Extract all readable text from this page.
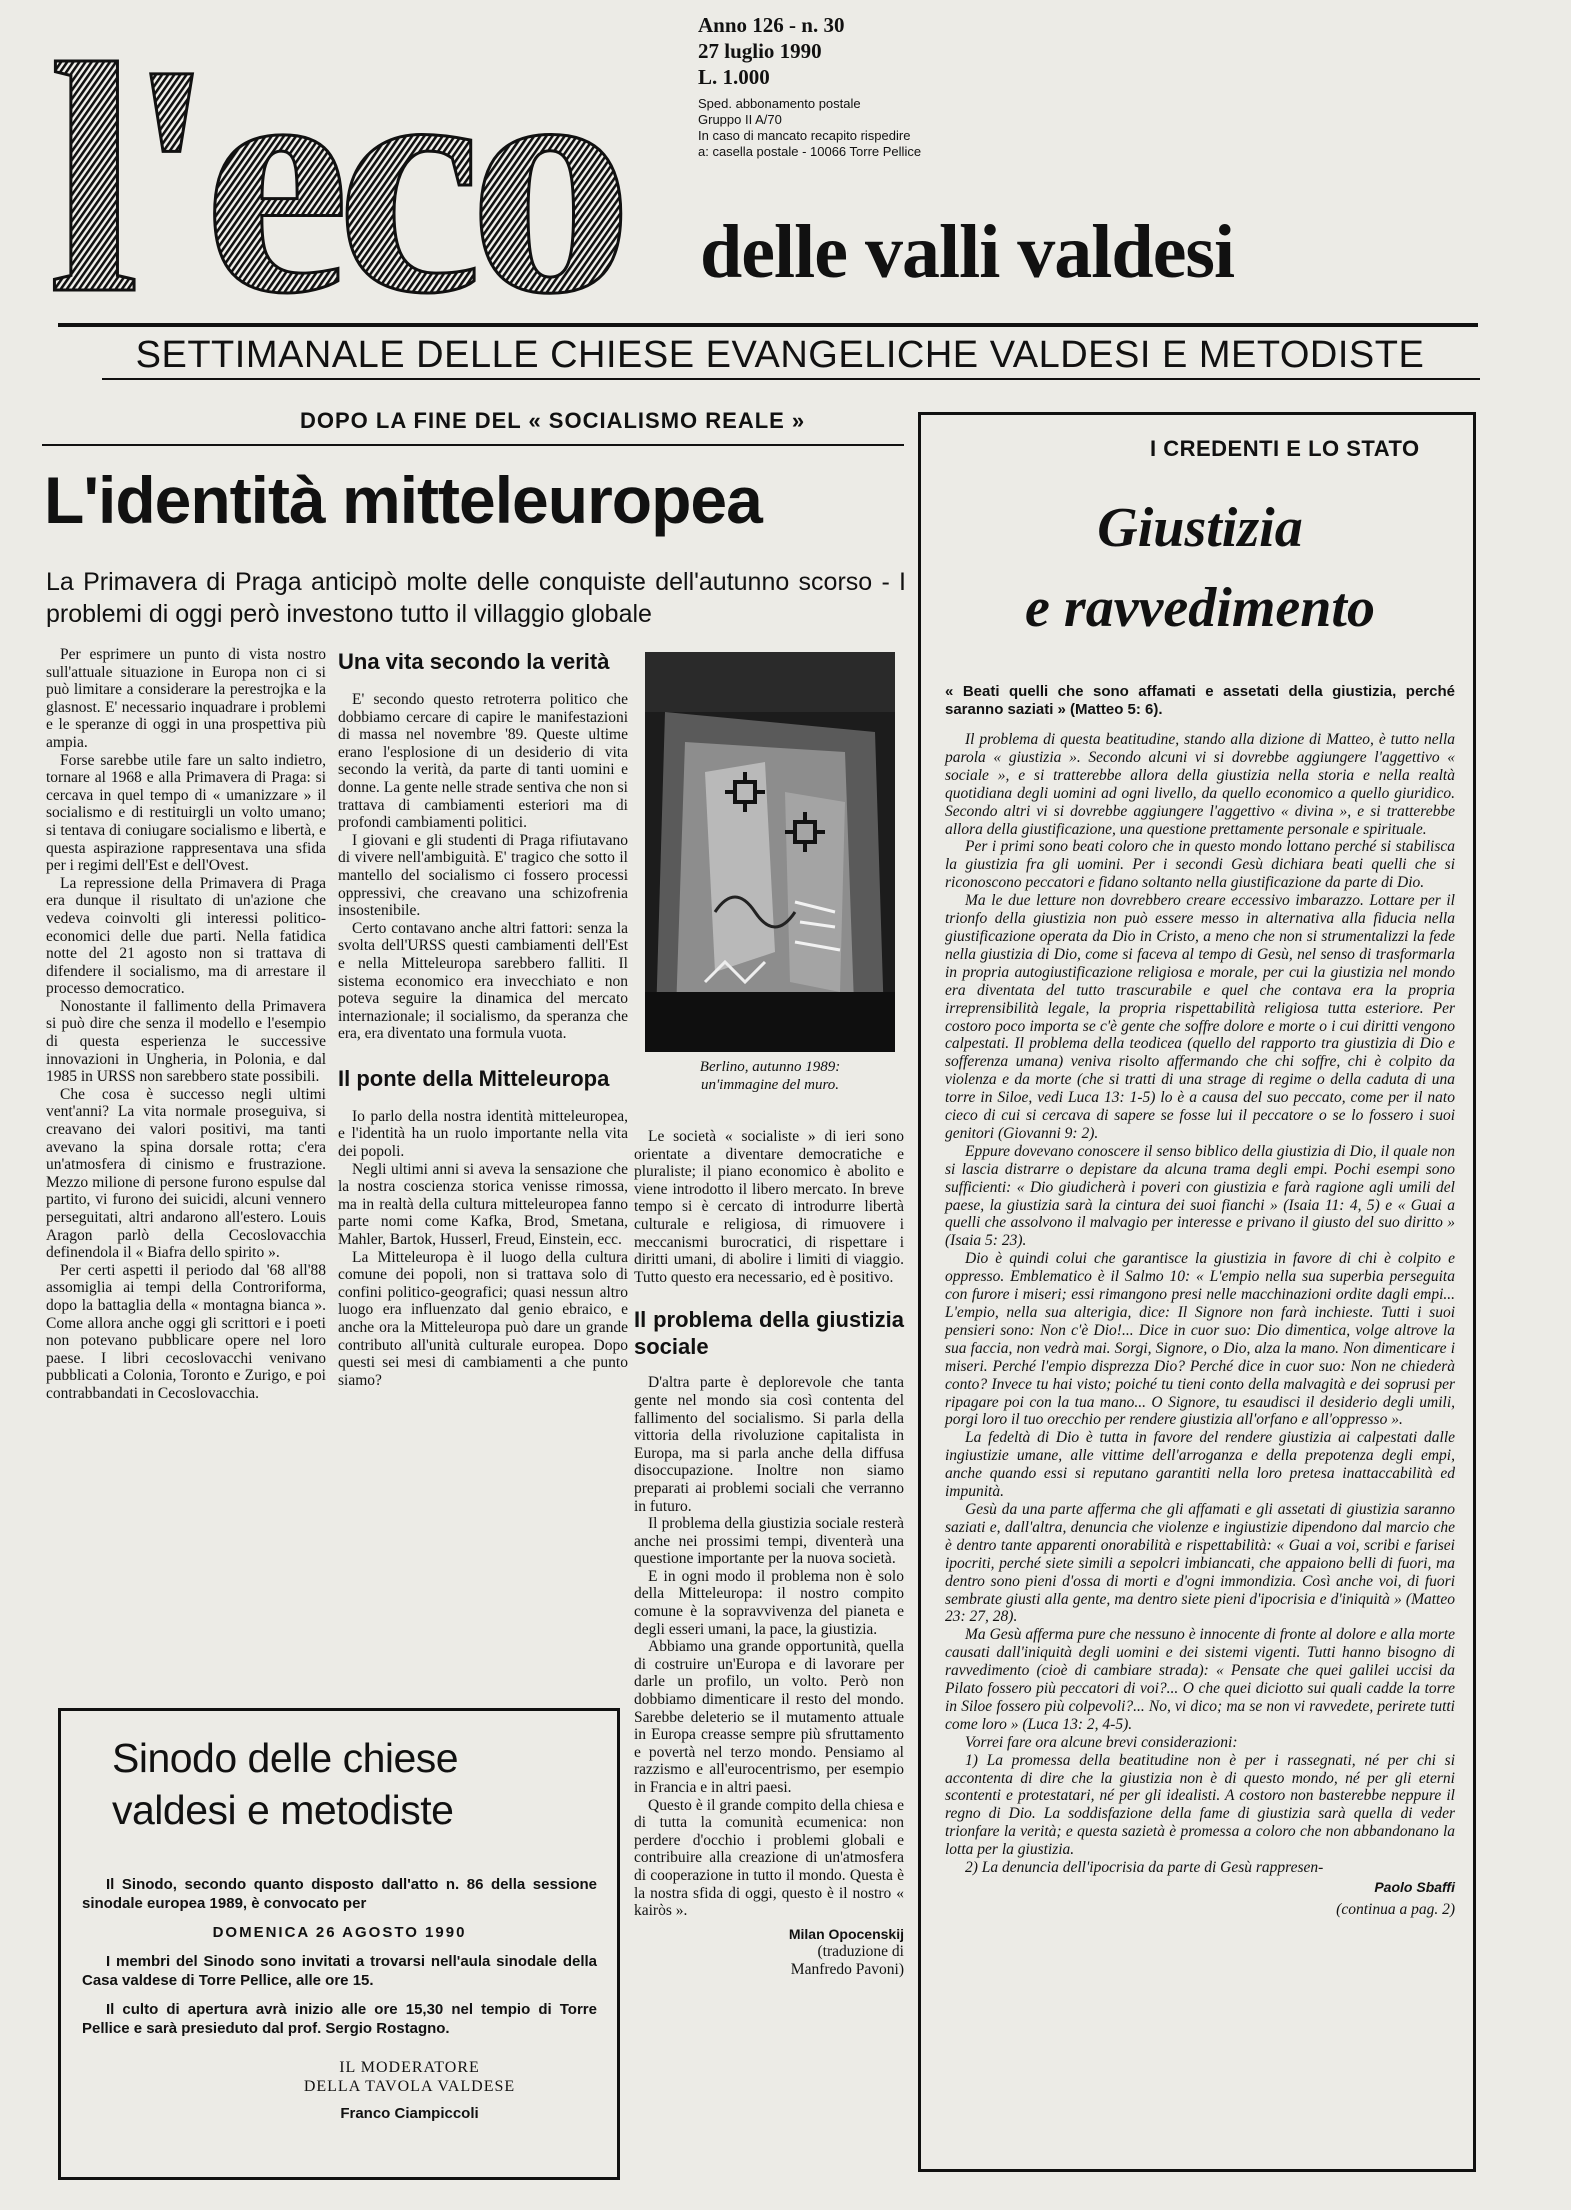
l'eco	Anno 126 - n. 30
27 luglio 1990
L. 1.000
Sped. abbonamento postale
Gruppo II A/70
In caso di mancato recapito rispedire
a: casella postale - 10066 Torre Pellice
delle valli valdesi
SETTIMANALE DELLE CHIESE EVANGELICHE VALDESI E METODISTE
DOPO LA FINE DEL « SOCIALISMO REALE »
L'identità mitteleuropea
La Primavera di Praga anticipò molte delle conquiste dell'autunno scorso - I problemi di oggi però investono tutto il villaggio globale

Per esprimere un punto di vista nostro sull'attuale situazione in Europa non ci si può limitare a considerare la perestrojka e la glasnost. E' necessario inquadrare i problemi e le speranze di oggi in una prospettiva più ampia.

Forse sarebbe utile fare un salto indietro, tornare al 1968 e alla Primavera di Praga: si cercava in quel tempo di « umanizzare » il socialismo e di restituirgli un volto umano; si tentava di coniugare socialismo e libertà, e questa aspirazione rappresentava una sfida per i regimi dell'Est e dell'Ovest.

La repressione della Primavera di Praga era dunque il risultato di un'azione che vedeva coinvolti gli interessi politico-economici delle due parti. Nella fatidica notte del 21 agosto non si trattava di difendere il socialismo, ma di arrestare il processo democratico.

Nonostante il fallimento della Primavera si può dire che senza il modello e l'esempio di questa esperienza le successive innovazioni in Ungheria, in Polonia, e dal 1985 in URSS non sarebbero state possibili.

Che cosa è successo negli ultimi vent'anni? La vita normale proseguiva, si creavano dei valori positivi, ma tanti avevano la spina dorsale rotta; c'era un'atmosfera di cinismo e frustrazione. Mezzo milione di persone furono espulse dal partito, vi furono dei suicidi, alcuni vennero perseguitati, altri andarono all'estero. Louis Aragon parlò della Cecoslovacchia definendola il « Biafra dello spirito ».

Per certi aspetti il periodo dal '68 all'88 assomiglia ai tempi della Controriforma, dopo la battaglia della « montagna bianca ». Come allora anche oggi gli scrittori e i poeti non potevano pubblicare opere nel loro paese. I libri cecoslovacchi venivano pubblicati a Colonia, Toronto e Zurigo, e poi contrabbandati in Cecoslovacchia.

Una vita secondo la verità

E' secondo questo retroterra politico che dobbiamo cercare di capire le manifestazioni di massa nel novembre '89. Queste ultime erano l'esplosione di un desiderio di vita secondo la verità, da parte di tanti uomini e donne. La gente nelle strade sentiva che non si trattava di cambiamenti esteriori ma di profondi cambiamenti politici.

I giovani e gli studenti di Praga rifiutavano di vivere nell'ambiguità. E' tragico che sotto il mantello del socialismo ci fossero processi oppressivi, che creavano una schizofrenia insostenibile.

Certo contavano anche altri fattori: senza la svolta dell'URSS questi cambiamenti dell'Est e nella Mitteleuropa sarebbero falliti. Il sistema economico era invecchiato e non poteva seguire la dinamica del mercato internazionale; il socialismo, da speranza che era, era diventato una formula vuota.

Il ponte della Mitteleuropa

Io parlo della nostra identità mitteleuropea, e l'identità ha un ruolo importante nella vita dei popoli.

Negli ultimi anni si aveva la sensazione che la nostra coscienza storica venisse rimossa, ma in realtà della cultura mitteleuropea fanno parte nomi come Kafka, Brod, Smetana, Mahler, Bartok, Husserl, Freud, Einstein, ecc.

La Mitteleuropa è il luogo della cultura comune dei popoli, non si trattava solo di confini politico-geografici; quasi nessun altro luogo era influenzato dal genio ebraico, e anche ora la Mitteleuropa può dare un grande contributo all'unità culturale europea. Dopo questi sei mesi di cambiamenti a che punto siamo?

Berlino, autunno 1989:
un'immagine del muro.

Le società « socialiste » di ieri sono orientate a diventare democratiche e pluraliste; il piano economico è abolito e viene introdotto il libero mercato. In breve tempo si è cercato di introdurre libertà culturale e religiosa, di rimuovere i meccanismi burocratici, di rispettare i diritti umani, di abolire i limiti di viaggio. Tutto questo era necessario, ed è positivo.

Il problema della giustizia sociale

D'altra parte è deplorevole che tanta gente nel mondo sia così contenta del fallimento del socialismo. Si parla della vittoria della rivoluzione capitalista in Europa, ma si parla anche della diffusa disoccupazione. Inoltre non siamo preparati ai problemi sociali che verranno in futuro.

Il problema della giustizia sociale resterà anche nei prossimi tempi, diventerà una questione importante per la nuova società.

E in ogni modo il problema non è solo della Mitteleuropa: il nostro compito comune è la sopravvivenza del pianeta e degli esseri umani, la pace, la giustizia.

Abbiamo una grande opportunità, quella di costruire un'Europa e di lavorare per darle un profilo, un volto. Però non dobbiamo dimenticare il resto del mondo. Sarebbe deleterio se il mutamento attuale in Europa creasse sempre più sfruttamento e povertà nel terzo mondo. Pensiamo al razzismo e all'eurocentrismo, per esempio in Francia e in altri paesi.

Questo è il grande compito della chiesa e di tutta la comunità ecumenica: non perdere d'occhio i problemi globali e contribuire alla creazione di un'atmosfera di cooperazione in tutto il mondo. Questa è la nostra sfida di oggi, questo è il nostro « kairòs ».

Milan Opocenskij
(traduzione di
Manfredo Pavoni)
I CREDENTI E LO STATO
Giustizia
e ravvedimento
« Beati quelli che sono affamati e assetati della giustizia, perché saranno saziati » (Matteo 5: 6).

Il problema di questa beatitudine, stando alla dizione di Matteo, è tutto nella parola « giustizia ». Secondo alcuni vi si dovrebbe aggiungere l'aggettivo « sociale », e si tratterebbe allora della giustizia nella storia e nella realtà quotidiana degli uomini ad ogni livello, da quello economico a quello giuridico. Secondo altri vi si dovrebbe aggiungere l'aggettivo « divina », e si tratterebbe allora della giustificazione, una questione prettamente personale e spirituale.

Per i primi sono beati coloro che in questo mondo lottano perché si stabilisca la giustizia fra gli uomini. Per i secondi Gesù dichiara beati quelli che si riconoscono peccatori e fidano soltanto nella giustificazione da parte di Dio.

Ma le due letture non dovrebbero creare eccessivo imbarazzo. Lottare per il trionfo della giustizia non può essere messo in alternativa alla fiducia nella giustificazione operata da Dio in Cristo, a meno che non si strumentalizzi la fede nella giustizia di Dio, come si faceva al tempo di Gesù, nel senso di trasformarla in propria autogiustificazione religiosa e morale, per cui la giustizia nel mondo era diventata del tutto trascurabile e quel che contava era la propria irreprensibilità legale, la propria rispettabilità religiosa tutta esteriore. Per costoro poco importa se c'è gente che soffre dolore e morte o i cui diritti vengono calpestati. Il problema della teodicea (quello del rapporto tra giustizia di Dio e sofferenza umana) veniva risolto affermando che chi soffre, chi è colpito da violenza e da morte (che si tratti di una strage di regime o della caduta di una torre in Siloe, vedi Luca 13: 1-5) lo è a causa del suo peccato, come per il nato cieco di cui si cercava di sapere se fosse lui il peccatore o se lo fossero i suoi genitori (Giovanni 9: 2).

Eppure dovevano conoscere il senso biblico della giustizia di Dio, il quale non si lascia distrarre o depistare da alcuna trama degli empi. Pochi esempi sono sufficienti: « Dio giudicherà i poveri con giustizia e farà ragione agli umili del paese, la giustizia sarà la cintura dei suoi fianchi » (Isaia 11: 4, 5) e « Guai a quelli che assolvono il malvagio per interesse e privano il giusto del suo diritto » (Isaia 5: 23).

Dio è quindi colui che garantisce la giustizia in favore di chi è colpito e oppresso. Emblematico è il Salmo 10: « L'empio nella sua superbia perseguita con furore i miseri; essi rimangono presi nelle macchinazioni ordite dagli empi... L'empio, nella sua alterigia, dice: Il Signore non farà inchieste. Tutti i suoi pensieri sono: Non c'è Dio!... Dice in cuor suo: Dio dimentica, volge altrove la sua faccia, non vedrà mai. Sorgi, Signore, o Dio, alza la mano. Non dimenticare i miseri. Perché l'empio disprezza Dio? Perché dice in cuor suo: Non ne chiederà conto? Invece tu hai visto; poiché tu tieni conto della malvagità e dei soprusi per ripagare poi con la tua mano... O Signore, tu esaudisci il desiderio degli umili, porgi loro il tuo orecchio per rendere giustizia all'orfano e all'oppresso ».

La fedeltà di Dio è tutta in favore del rendere giustizia ai calpestati dalle ingiustizie umane, alle vittime dell'arroganza e della prepotenza degli empi, anche quando essi si reputano garantiti nella loro pretesa inattaccabilità ed impunità.

Gesù da una parte afferma che gli affamati e gli assetati di giustizia saranno saziati e, dall'altra, denuncia che violenze e ingiustizie dipendono dal marcio che è dentro tante apparenti onorabilità e rispettabilità: « Guai a voi, scribi e farisei ipocriti, perché siete simili a sepolcri imbiancati, che appaiono belli di fuori, ma dentro sono pieni d'ossa di morti e d'ogni immondizia. Così anche voi, di fuori sembrate giusti alla gente, ma dentro siete pieni d'ipocrisia e d'iniquità » (Matteo 23: 27, 28).

Ma Gesù afferma pure che nessuno è innocente di fronte al dolore e alla morte causati dall'iniquità degli uomini e dei sistemi vigenti. Tutti hanno bisogno di ravvedimento (cioè di cambiare strada): « Pensate che quei galilei uccisi da Pilato fossero più peccatori di voi?... O che quei diciotto sui quali cadde la torre in Siloe fossero più colpevoli?... No, vi dico; ma se non vi ravvedete, perirete tutti come loro » (Luca 13: 2, 4-5).

Vorrei fare ora alcune brevi considerazioni:

1) La promessa della beatitudine non è per i rassegnati, né per chi si accontenta di dire che la giustizia non è di questo mondo, né per gli eterni scontenti e protestatari, né per gli idealisti. A costoro non basterebbe neppure il regno di Dio. La soddisfazione della fame di giustizia sarà quella di veder trionfare la verità; e questa sazietà è promessa a coloro che non abbandonano la lotta per la giustizia.

2) La denuncia dell'ipocrisia da parte di Gesù rappresen-

Paolo Sbaffi
(continua a pag. 2)
Sinodo delle chiese
valdesi e metodiste

Il Sinodo, secondo quanto disposto dall'atto n. 86 della sessione sinodale europea 1989, è convocato per

DOMENICA 26 AGOSTO 1990

I membri del Sinodo sono invitati a trovarsi nell'aula sinodale della Casa valdese di Torre Pellice, alle ore 15.

Il culto di apertura avrà inizio alle ore 15,30 nel tempio di Torre Pellice e sarà presieduto dal prof. Sergio Rostagno.

IL MODERATORE
DELLA TAVOLA VALDESE
Franco Ciampiccoli
